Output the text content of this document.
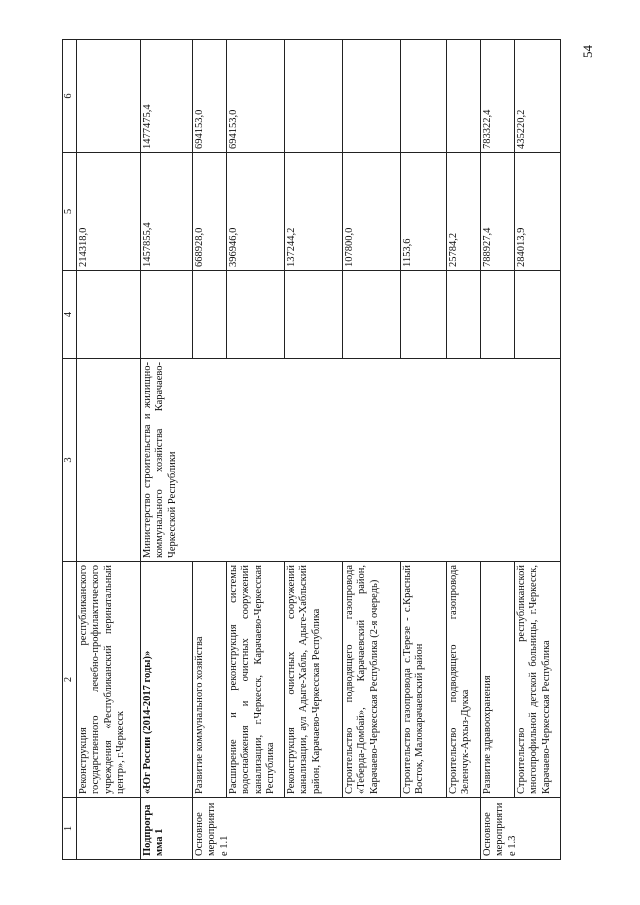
54
1	2	3	4	5	6
	Реконструкция республиканского государственного лечебно-профилактического учреждения «Республиканский перинатальный центр», г.Черкесск			214318,0	
Подпрограмма 1	«Юг России (2014-2017 годы)»	Министерство строительства и жилищно-коммунального хозяйства Карачаево-Черкесской Республики		1457855,4	1477475,4
Основное мероприятие 1.1	Развитие коммунального хозяйства			668928,0	694153,0
	Расширение и реконструкция системы водоснабжения и очистных сооружений канализации, г.Черкесск, Карачаево-Черкесская Республика			396946,0	694153,0
	Реконструкция очистных сооружений канализации, аул Адыге-Хабль, Адыге-Хабльский район, Карачаево-Черкесская Республика			137244,2	
	Строительство подводящего газопровода «Теберда-Домбай», Карачаевский район, Карачаево-Черкесская Республика (2-я очередь)			107800,0	
	Строительство газопровода с.Терезе - с.Красный Восток, Малокарачаевский район			1153,6	
	Строительство подводящего газопровода Зеленчук-Архыз-Дукка			25784,2	
Основное мероприятие 1.3	Развитие здравоохранения			788927,4	783322,4
	Строительство республиканской многопрофильной детской больницы, г.Черкесск, Карачаево-Черкесская Республика			284013,9	435220,2
